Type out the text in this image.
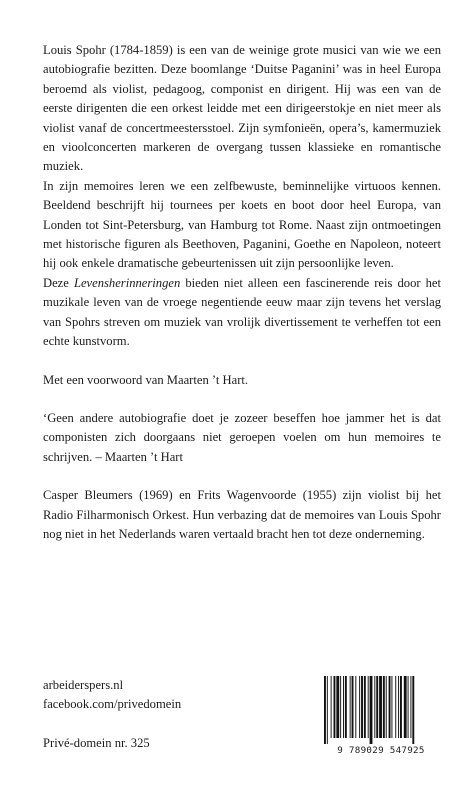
Louis Spohr (1784-1859) is een van de weinige grote musici van wie we een autobiografie bezitten. Deze boomlange ‘Duitse Paganini’ was in heel Europa beroemd als violist, pedagoog, componist en dirigent. Hij was een van de eerste dirigenten die een orkest leidde met een dirigeerstokje en niet meer als violist vanaf de concertmeestersstoel. Zijn symfonieën, opera’s, kamermuziek en vioolconcerten markeren de overgang tussen klassieke en romantische muziek.

In zijn memoires leren we een zelfbewuste, beminnelijke virtuoos kennen. Beeldend beschrijft hij tournees per koets en boot door heel Europa, van Londen tot Sint-Petersburg, van Hamburg tot Rome. Naast zijn ontmoetingen met historische figuren als Beethoven, Paganini, Goethe en Napoleon, noteert hij ook enkele dramatische gebeurtenissen uit zijn persoonlijke leven.

Deze Levensherinneringen bieden niet alleen een fascinerende reis door het muzikale leven van de vroege negentiende eeuw maar zijn tevens het verslag van Spohrs streven om muziek van vrolijk divertissement te verheffen tot een echte kunstvorm.

Met een voorwoord van Maarten ’t Hart.

‘Geen andere autobiografie doet je zozeer beseffen hoe jammer het is dat componisten zich doorgaans niet geroepen voelen om hun memoires te schrijven. – Maarten ’t Hart

Casper Bleumers (1969) en Frits Wagenvoorde (1955) zijn violist bij het Radio Filharmonisch Orkest. Hun verbazing dat de memoires van Louis Spohr nog niet in het Nederlands waren vertaald bracht hen tot deze onderneming.

arbeiderspers.nl
facebook.com/privedomein
Privé-domein nr. 325
9 789029 547925
